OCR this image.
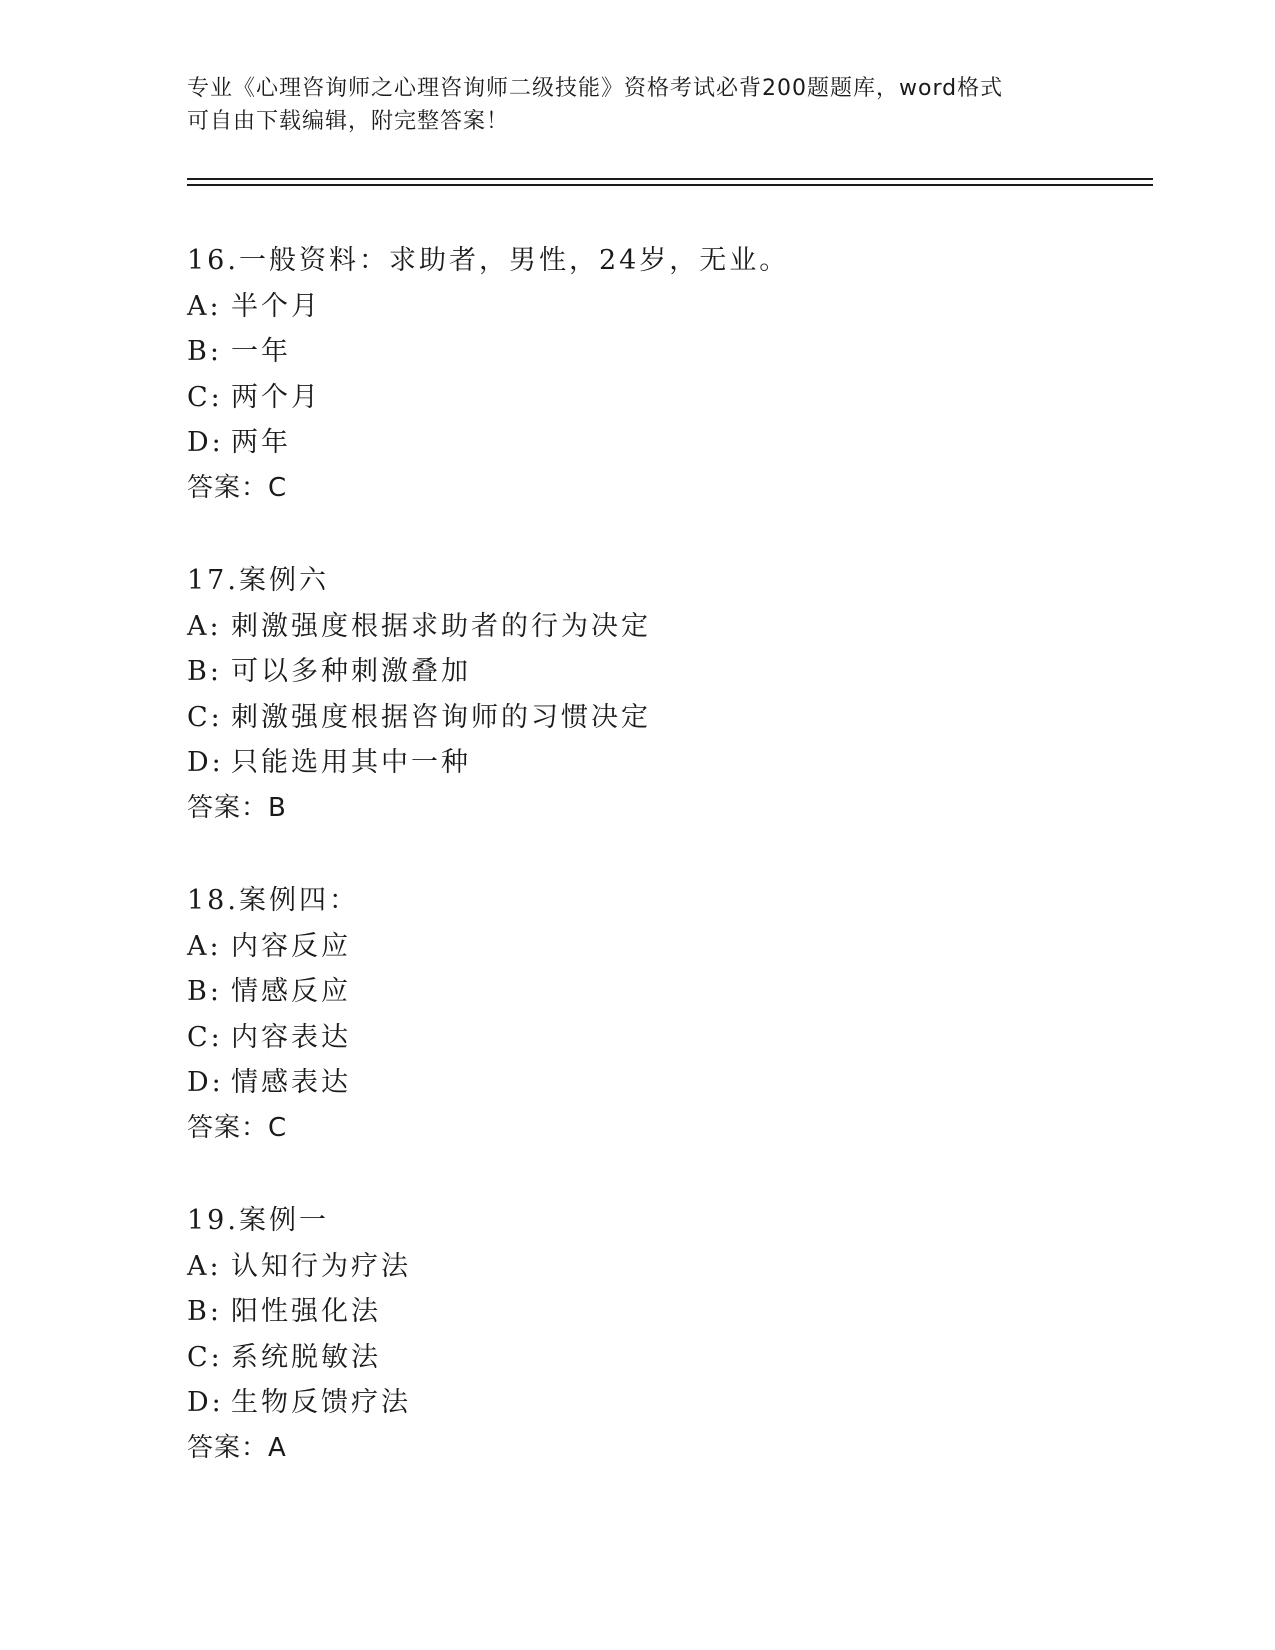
专业《心理咨询师之心理咨询师二级技能》资格考试必背200题题库，word格式
可自由下载编辑，附完整答案！
16.一般资料：求助者，男性，24岁，无业。
A: 半个月
B: 一年
C: 两个月
D: 两年
答案：C
17.案例六
A: 刺激强度根据求助者的行为决定
B: 可以多种刺激叠加
C: 刺激强度根据咨询师的习惯决定
D: 只能选用其中一种
答案：B
18.案例四：
A: 内容反应
B: 情感反应
C: 内容表达
D: 情感表达
答案：C
19.案例一
A: 认知行为疗法
B: 阳性强化法
C: 系统脱敏法
D: 生物反馈疗法
答案：A
